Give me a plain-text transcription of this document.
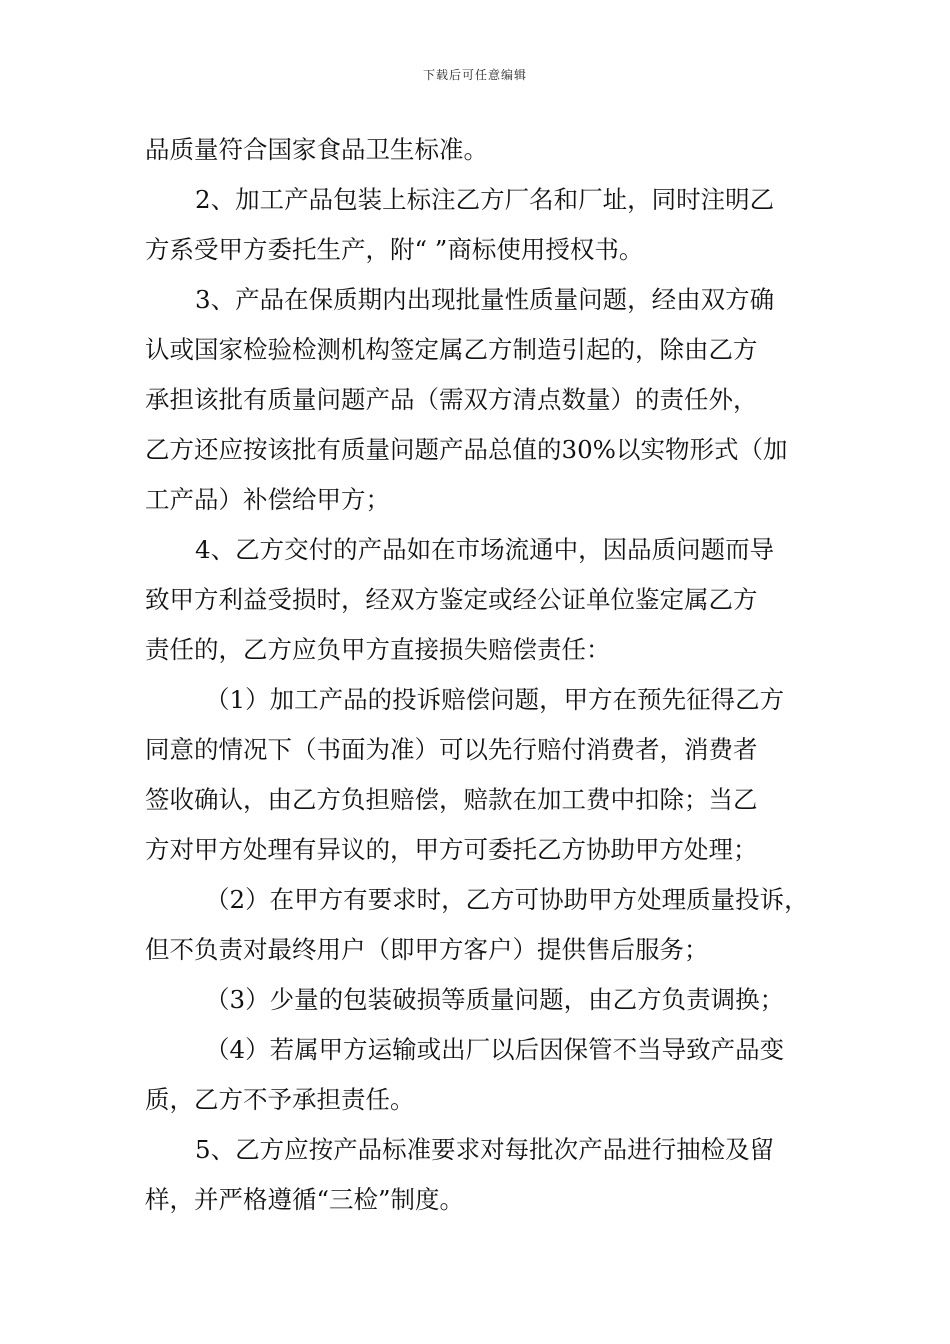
下载后可任意编辑

品质量符合国家食品卫生标准。

2、加工产品包装上标注乙方厂名和厂址，同时注明乙

方系受甲方委托生产，附“ ”商标使用授权书。

3、产品在保质期内出现批量性质量问题，经由双方确

认或国家检验检测机构签定属乙方制造引起的，除由乙方

承担该批有质量问题产品（需双方清点数量）的责任外，

乙方还应按该批有质量问题产品总值的30%以实物形式（加

工产品）补偿给甲方；

4、乙方交付的产品如在市场流通中，因品质问题而导

致甲方利益受损时，经双方鉴定或经公证单位鉴定属乙方

责任的，乙方应负甲方直接损失赔偿责任：

（1）加工产品的投诉赔偿问题，甲方在预先征得乙方

同意的情况下（书面为准）可以先行赔付消费者，消费者

签收确认，由乙方负担赔偿，赔款在加工费中扣除；当乙

方对甲方处理有异议的，甲方可委托乙方协助甲方处理；

（2）在甲方有要求时，乙方可协助甲方处理质量投诉，

但不负责对最终用户（即甲方客户）提供售后服务；

（3）少量的包装破损等质量问题，由乙方负责调换；

（4）若属甲方运输或出厂以后因保管不当导致产品变

质，乙方不予承担责任。

5、乙方应按产品标准要求对每批次产品进行抽检及留

样，并严格遵循“三检”制度。
